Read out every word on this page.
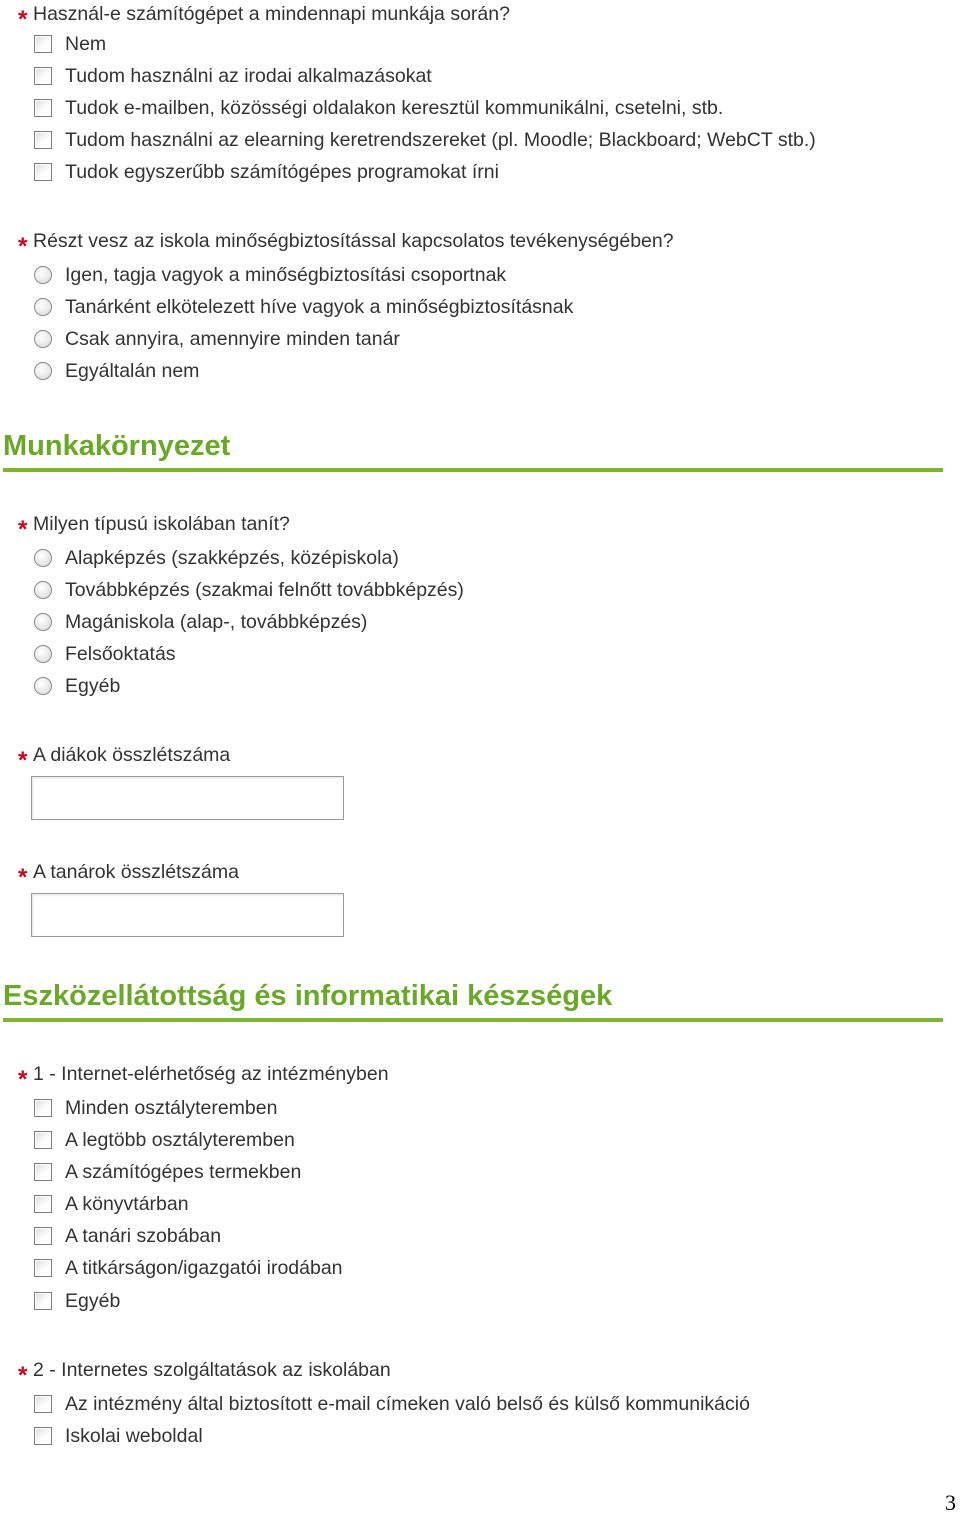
* Használ-e számítógépet a mindennapi munkája során?
Nem
Tudom használni az irodai alkalmazásokat
Tudok e-mailben, közösségi oldalakon keresztül kommunikálni, csetelni, stb.
Tudom használni az elearning keretrendszereket (pl. Moodle; Blackboard; WebCT stb.)
Tudok egyszerűbb számítógépes programokat írni
* Részt vesz az iskola minőségbiztosítással kapcsolatos tevékenységében?
Igen, tagja vagyok a minőségbiztosítási csoportnak
Tanárként elkötelezett híve vagyok a minőségbiztosításnak
Csak annyira, amennyire minden tanár
Egyáltalán nem
Munkakörnyezet
* Milyen típusú iskolában tanít?
Alapképzés (szakképzés, középiskola)
Továbbképzés (szakmai felnőtt továbbképzés)
Magániskola (alap-, továbbképzés)
Felsőoktatás
Egyéb
* A diákok összlétszáma
* A tanárok összlétszáma
Eszközellátottság és informatikai készségek
* 1 - Internet-elérhetőség az intézményben
Minden osztályteremben
A legtöbb osztályteremben
A számítógépes termekben
A könyvtárban
A tanári szobában
A titkárságon/igazgatói irodában
Egyéb
* 2 - Internetes szolgáltatások az iskolában
Az intézmény által biztosított e-mail címeken való belső és külső kommunikáció
Iskolai weboldal
3
